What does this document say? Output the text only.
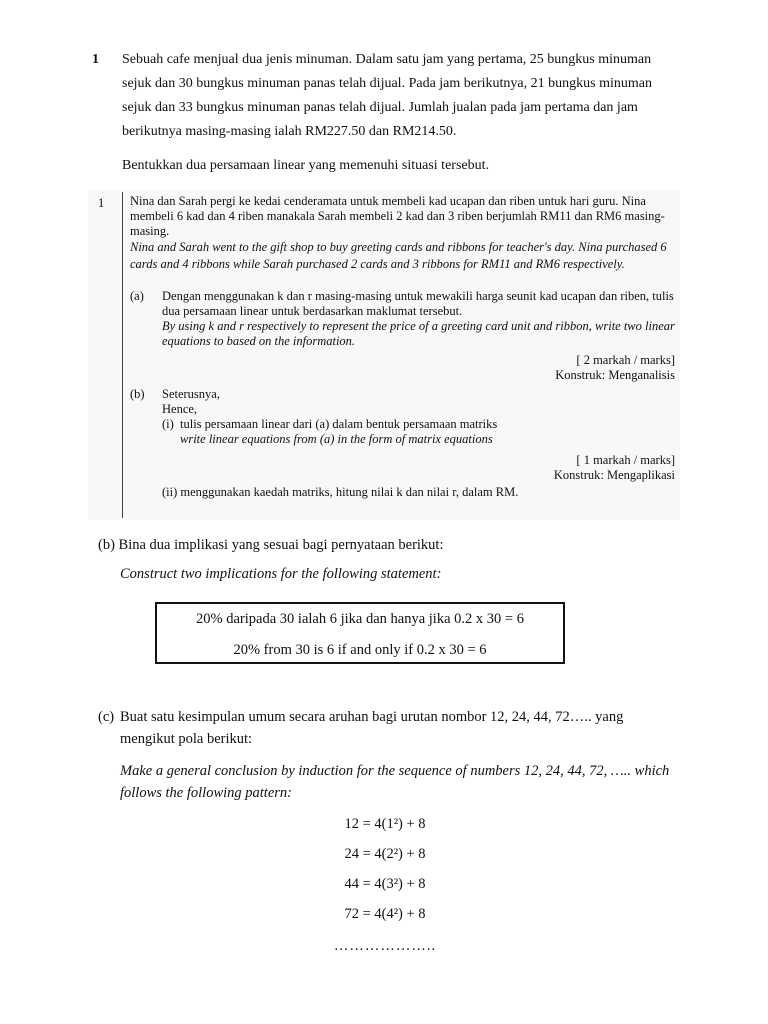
1 Sebuah cafe menjual dua jenis minuman. Dalam satu jam yang pertama, 25 bungkus minuman
sejuk dan 30 bungkus minuman panas telah dijual. Pada jam berikutnya, 21 bungkus minuman
sejuk dan 33 bungkus minuman panas telah dijual. Jumlah jualan pada jam pertama dan jam
berikutnya masing-masing ialah RM227.50 dan RM214.50.
Bentukkan dua persamaan linear yang memenuhi situasi tersebut.
1 Nina dan Sarah pergi ke kedai cenderamata untuk membeli kad ucapan dan riben untuk hari guru. Nina membeli 6 kad dan 4 riben manakala Sarah membeli 2 kad dan 3 riben berjumlah RM11 dan RM6 masing-masing.
Nina and Sarah went to the gift shop to buy greeting cards and ribbons for teacher's day. Nina purchased 6 cards and 4 ribbons while Sarah purchased 2 cards and 3 ribbons for RM11 and RM6 respectively.
(a)	Dengan menggunakan k dan r masing-masing untuk mewakili harga seunit kad ucapan dan riben, tulis dua persamaan linear untuk berdasarkan maklumat tersebut.
By using k and r respectively to represent the price of a greeting card unit and ribbon, write two linear equations to based on the information.
[ 2 markah / marks]
Konstruk: Menganalisis
(b)	Seterusnya,
Hence,
(i) tulis persamaan linear dari (a) dalam bentuk persamaan matriks
write linear equations from (a) in the form of matrix equations
[ 1 markah / marks]
Konstruk: Mengaplikasi
(ii) menggunakan kaedah matriks, hitung nilai k dan nilai r, dalam RM.
(b) Bina dua implikasi yang sesuai bagi pernyataan berikut:
Construct two implications for the following statement:
20% daripada 30 ialah 6 jika dan hanya jika 0.2 x 30 = 6
20% from 30 is 6 if and only if 0.2 x 30 = 6
(c) Buat satu kesimpulan umum secara aruhan bagi urutan nombor 12, 24, 44, 72….. yang mengikut pola berikut:
Make a general conclusion by induction for the sequence of numbers 12, 24, 44, 72, ….. which follows the following pattern:
12 = 4(1²) + 8
24 = 4(2²) + 8
44 = 4(3²) + 8
72 = 4(4²) + 8
………………..
